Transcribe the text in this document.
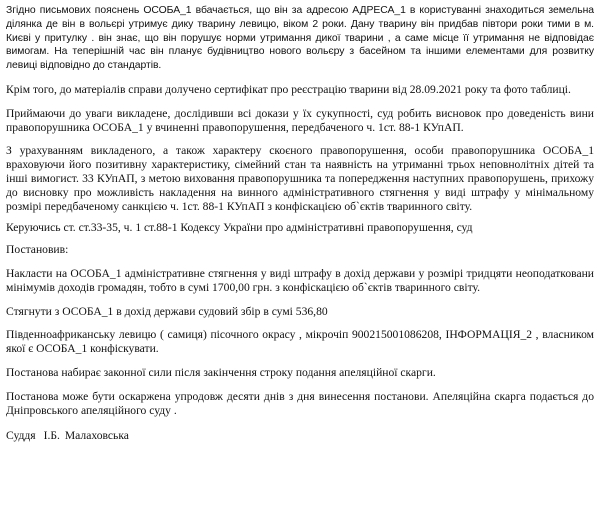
Згідно письмових пояснень ОСОБА_1 вбачається, що він за адресою АДРЕСА_1 в користуванні знаходиться земельна ділянка де він в вольєрі утримує дику тварину левицю, віком 2 роки. Дану тварину він придбав півтори роки тими в м. Києві у притулку . він знає, що він порушує норми утримання дикої тварини , а саме місце її утримання не відповідає вимогам. На теперішній час він планує будівництво нового вольєру з басейном та іншими елементами для розвитку левиці відповідно до стандартів.

Крім того, до матеріалів справи долучено сертифікат про реєстрацію тварини від 28.09.2021 року та фото таблиці.

Приймаючи до уваги викладене, дослідивши всі докази у їх сукупності, суд робить висновок про доведеність вини правопорушника ОСОБА_1 у вчиненні правопорушення, передбаченого ч. 1ст. 88-1 КУпАП.

З урахуванням викладеного, а також характеру скоєного правопорушення, особи правопорушника ОСОБА_1 враховуючи його позитивну характеристику, сімейний стан та наявність на утриманні трьох неповнолітніх дітей та інші вимогист. 33 КУпАП, з метою виховання правопорушника та попередження наступних правопорушень, прихожу до висновку про можливість накладення на винного адміністративного стягнення у виді штрафу у мінімальному розмірі передбаченому санкцією ч. 1ст. 88-1 КУпАП з конфіскацією об`єктів тваринного світу.

Керуючись ст. ст.33-35, ч. 1 ст.88-1 Кодексу України про адміністративні правопорушення, суд

Постановив:

Накласти на ОСОБА_1 адміністративне стягнення у виді штрафу в дохід держави у розмірі тридцяти неоподатковани мінімумів доходів громадян, тобто в сумі 1700,00 грн. з конфіскацією об`єктів тваринного світу.

Стягнути з ОСОБА_1 в дохід держави судовий збір в сумі 536,80

Південноафриканську левицю ( самиця) пісочного окрасу , мікрочіп 900215001086208, ІНФОРМАЦІЯ_2 , власником якої є ОСОБА_1 конфіскувати.

Постанова набирає законної сили після закінчення строку подання апеляційної скарги.

Постанова може бути оскаржена упродовж десяти днів з дня винесення постанови. Апеляційна скарга подається до Дніпровського апеляційного суду .

Суддя І.Б. Малаховська
